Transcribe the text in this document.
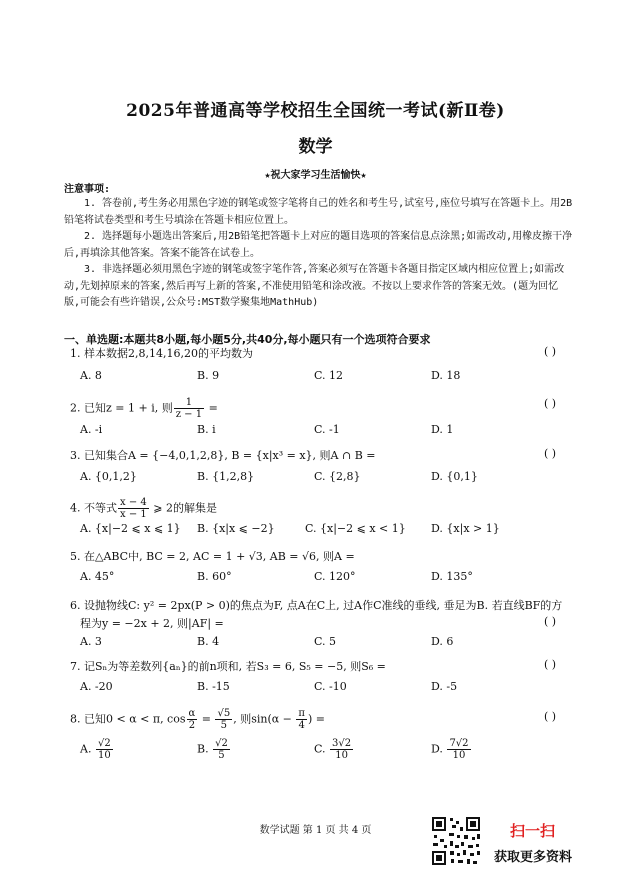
2025年普通高等学校招生全国统一考试(新Ⅱ卷)
数学
★祝大家学习生活愉快★
注意事项:
1. 答卷前,考生务必用黑色字迹的钢笔或签字笔将自己的姓名和考生号,试室号,座位号填写在答题卡上。用2B铅笔将试卷类型和考生号填涂在答题卡相应位置上。
2. 选择题每小题选出答案后,用2B铅笔把答题卡上对应的题目选项的答案信息点涂黑;如需改动,用橡皮擦干净后,再填涂其他答案。答案不能答在试卷上。
3. 非选择题必须用黑色字迹的钢笔或签字笔作答,答案必须写在答题卡各题目指定区域内相应位置上;如需改动,先划掉原来的答案,然后再写上新的答案,不准使用铅笔和涂改液。不按以上要求作答的答案无效。(题为回忆版,可能会有些许错误,公众号:MST数学聚集地MathHub)
一、单选题:本题共8小题,每小题5分,共40分,每小题只有一个选项符合要求
1. 样本数据2,8,14,16,20的平均数为	( )
A. 8	B. 9	C. 12	D. 18
2. 已知z = 1 + i, 则 $\frac{1}{z - 1}$ =	( )
A. -i	B. i	C. -1	D. 1
3. 已知集合A = {−4,0,1,2,8}, B = {x|x³ = x}, 则A ∩ B =	( )
A. {0,1,2}	B. {1,2,8}	C. {2,8}	D. {0,1}
4. 不等式 $\frac{x - 4}{x - 1}$ ⩾ 2的解集是
A. {x|−2 ⩽ x ⩽ 1} B. {x|x ⩽ −2}	C. {x|−2 ⩽ x < 1} D. {x|x > 1}
5. 在△ABC中, BC = 2, AC = 1 + √3, AB = √6, 则A =
A. 45°	B. 60°	C. 120°	D. 135°
6. 设抛物线C: y² = 2px(P > 0)的焦点为F, 点A在C上, 过A作C准线的垂线, 垂足为B. 若直线BF的方
程为y = −2x + 2, 则|AF| =	( )
A. 3	B. 4	C. 5	D. 6
7. 记Sₙ为等差数列{aₙ}的前n项和, 若S₃ = 6, S₅ = −5, 则S₆ =	( )
A. -20	B. -15	C. -10	D. -5
8. 已知0 < α < π, $\cos \frac{\alpha}{2} = \frac{√5}{5}$ , 则$\sin(\alpha - \frac{\pi}{4}$ ) =	( )
A. $\frac{√2}{10}$	B. $\frac{√2}{5}$	C. $\frac{3√2}{10}$	D. $\frac{7√2}{10}$
数学试题 第 1 页 共 4 页	扫一扫
获取更多资料
